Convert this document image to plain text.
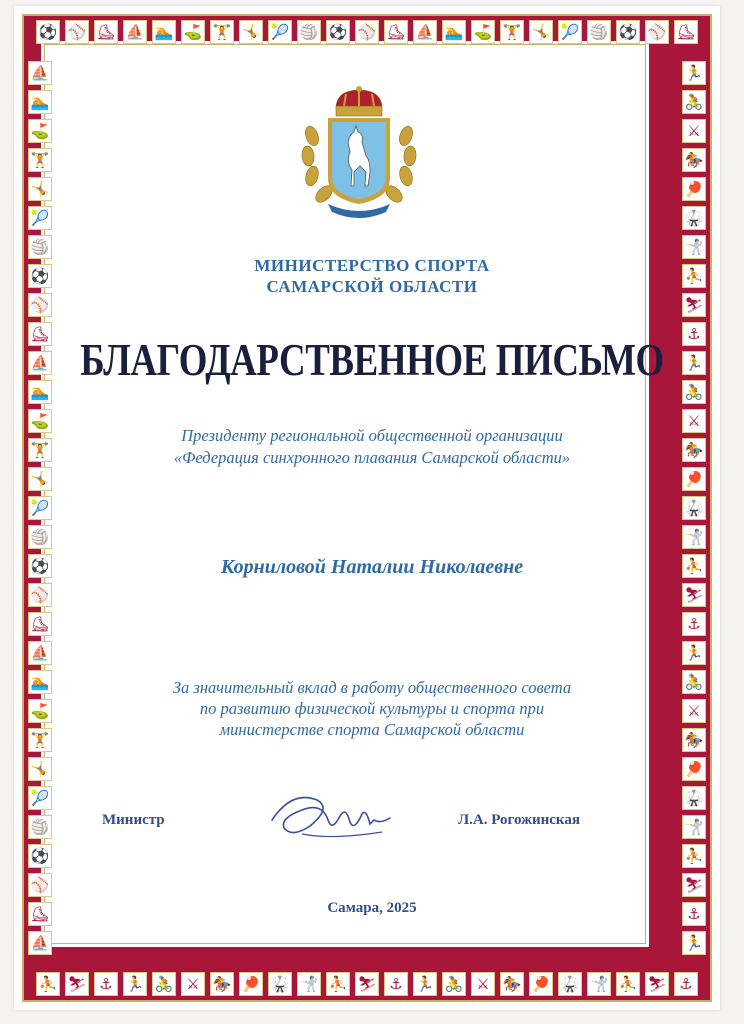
МИНИСТЕРСТВО СПОРТА
САМАРСКОЙ ОБЛАСТИ
БЛАГОДАРСТВЕННОЕ ПИСЬМО
Президенту региональной общественной организации
«Федерация синхронного плавания Самарской области»
Корниловой Наталии Николаевне
За значительный вклад в работу общественного совета
по развитию физической культуры и спорта при
министерстве спорта Самарской области
Министр	Л.А. Рогожинская
Самара, 2025
⚽
⛹
⚾
⛷
⛸
⚓
⛵
🏃
🏊
🚴
⛳
⚔
🏋
🏇
🤸
🏓
🎾
🥋
🏐
🤺
⚽
⛹
⚾
⛷
⛸
⚓
⛵
🏃
🏊
🚴
⛳
⚔
🏋
🏇
🤸
🏓
🎾
🥋
🏐
🤺
⚽
⛹
⚾
⛷
⛸
⚓
⛵	🏃
🏊	🚴
⛳	⚔
🏋	🏇
🤸	🏓
🎾	🥋
🏐	🤺
⚽	⛹
⚾	⛷
⛸	⚓
⛵	🏃
🏊	🚴
⛳	⚔
🏋	🏇
🤸	🏓
🎾	🥋
🏐	🤺
⚽	⛹
⚾	⛷
⛸	⚓
⛵	🏃
🏊	🚴
⛳	⚔
🏋	🏇
🤸	🏓
🎾	🥋
🏐	🤺
⚽	⛹
⚾	⛷
⛸	⚓
⛵	🏃
